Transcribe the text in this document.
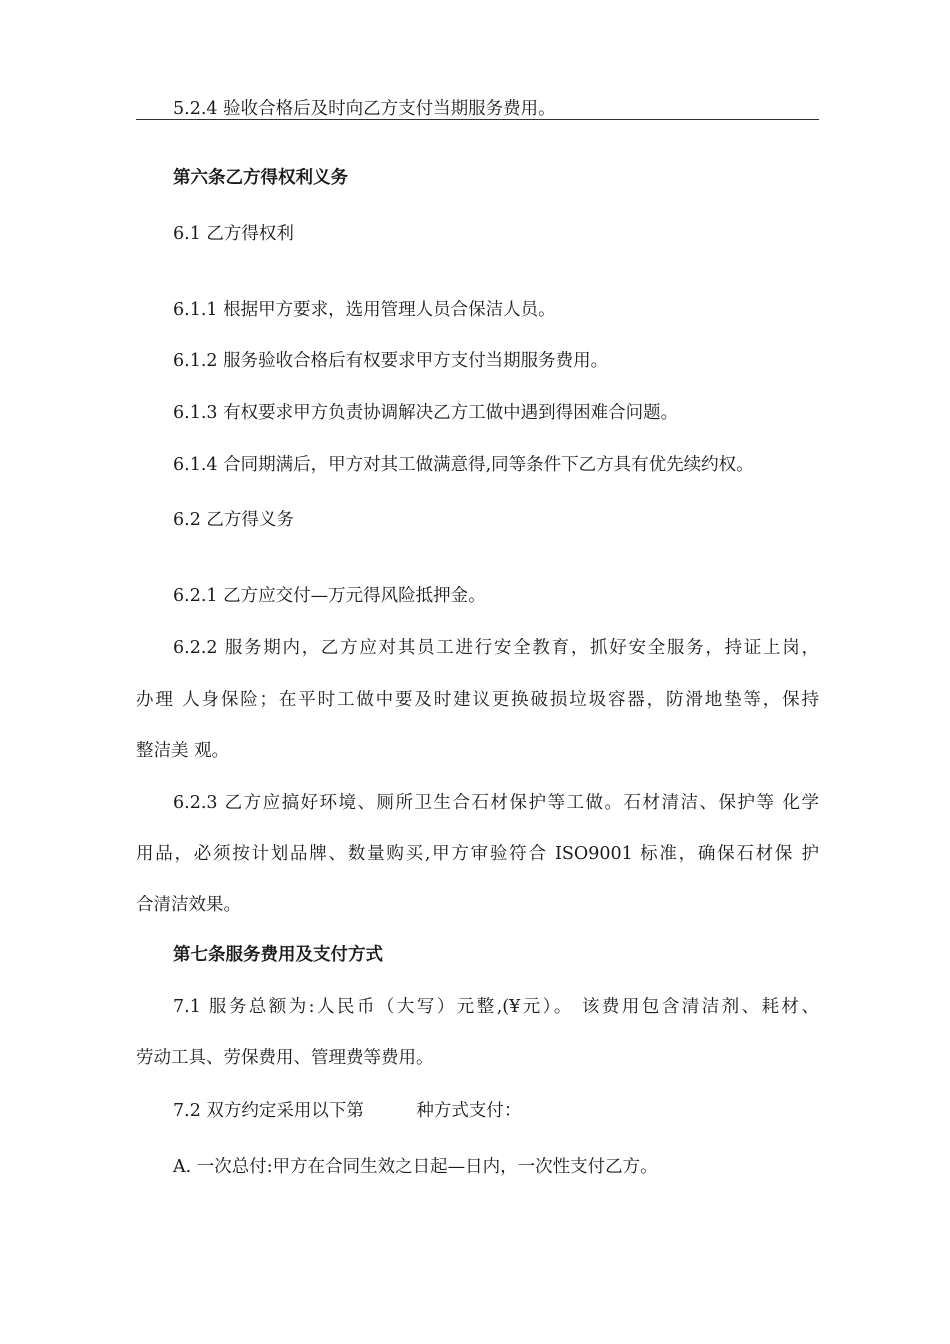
5.2.4 验收合格后及时向乙方支付当期服务费用。
第六条乙方得权利义务
6.1 乙方得权利
6.1.1 根据甲方要求，选用管理人员合保洁人员。
6.1.2 服务验收合格后有权要求甲方支付当期服务费用。
6.1.3 有权要求甲方负责协调解决乙方工做中遇到得困难合问题。
6.1.4 合同期满后，甲方对其工做满意得,同等条件下乙方具有优先续约权。
6.2 乙方得义务
6.2.1 乙方应交付—万元得风险抵押金。
6.2.2 服务期内，乙方应对其员工进行安全教育，抓好安全服务，持证上岗，
办理 人身保险；在平时工做中要及时建议更换破损垃圾容器，防滑地垫等，保持
整洁美 观。
6.2.3 乙方应搞好环境、厕所卫生合石材保护等工做。石材清洁、保护等 化学
用品，必须按计划品牌、数量购买,甲方审验符合 ISO9001 标准，确保石材保 护
合清洁效果。
第七条服务费用及支付方式
7.1 服务总额为:人民币（大写）元整,(¥元）。 该费用包含清洁剂、耗材、
劳动工具、劳保费用、管理费等费用。
7.2 双方约定采用以下第　　　种方式支付：
A. 一次总付:甲方在合同生效之日起—日内，一次性支付乙方。
